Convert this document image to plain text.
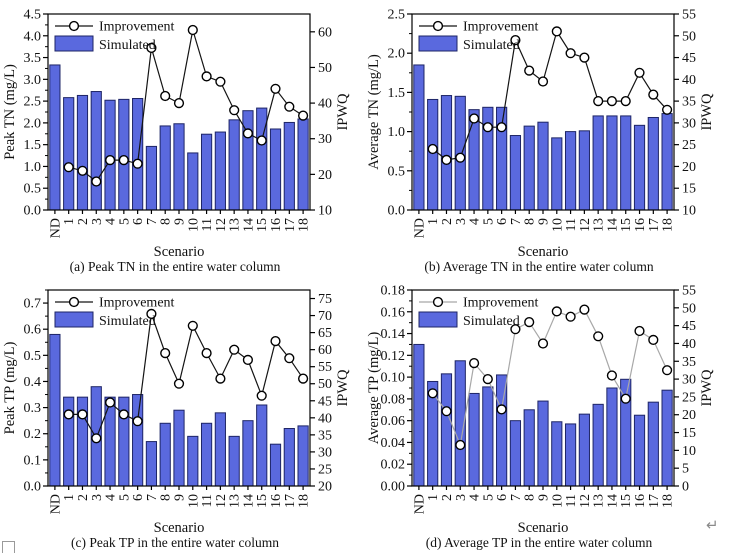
0.0
0.5
1.0
1.5
2.0
2.5
3.0
3.5
4.0
4.5
10
20
30
40
50
60
ND
1
2
3
4
5
6
7
8
9
10
11
12
13
14
15
16
17
18
Peak TN (mg/L)	IPWQ
Scenario
Improvement
Simulated
(a) Peak TN in the entire water column
0.0
0.5
1.0
1.5
2.0
2.5
10
15
20
25
30
35
40
45
50
55
ND
1
2
3
4
5
6
7
8
9
10
11
12
13
14
15
16
17
18
Average TN (mg/L)	IPWQ
Scenario
Improvement
Simulated
(b) Average TN in the entire water column
0.0
0.1
0.2
0.3
0.4
0.5
0.6
0.7
20
25
30
35
40
45
50
55
60
65
70
75
ND
1
2
3
4
5
6
7
8
9
10
11
12
13
14
15
16
17
18
Peak TP (mg/L)	IPWQ
Scenario
Improvement
Simulated
(c) Peak TP in the entire water column
0.00
0.02
0.04
0.06
0.08
0.10
0.12
0.14
0.16
0.18
0
5
10
15
20
25
30
35
40
45
50
55
ND
1
2
3
4
5
6
7
8
9
10
11
12
13
14
15
16
17
18
Average TP (mg/L)	IPWQ
Scenario
Improvement
Simulated
(d) Average TP in the entire water column
↵
